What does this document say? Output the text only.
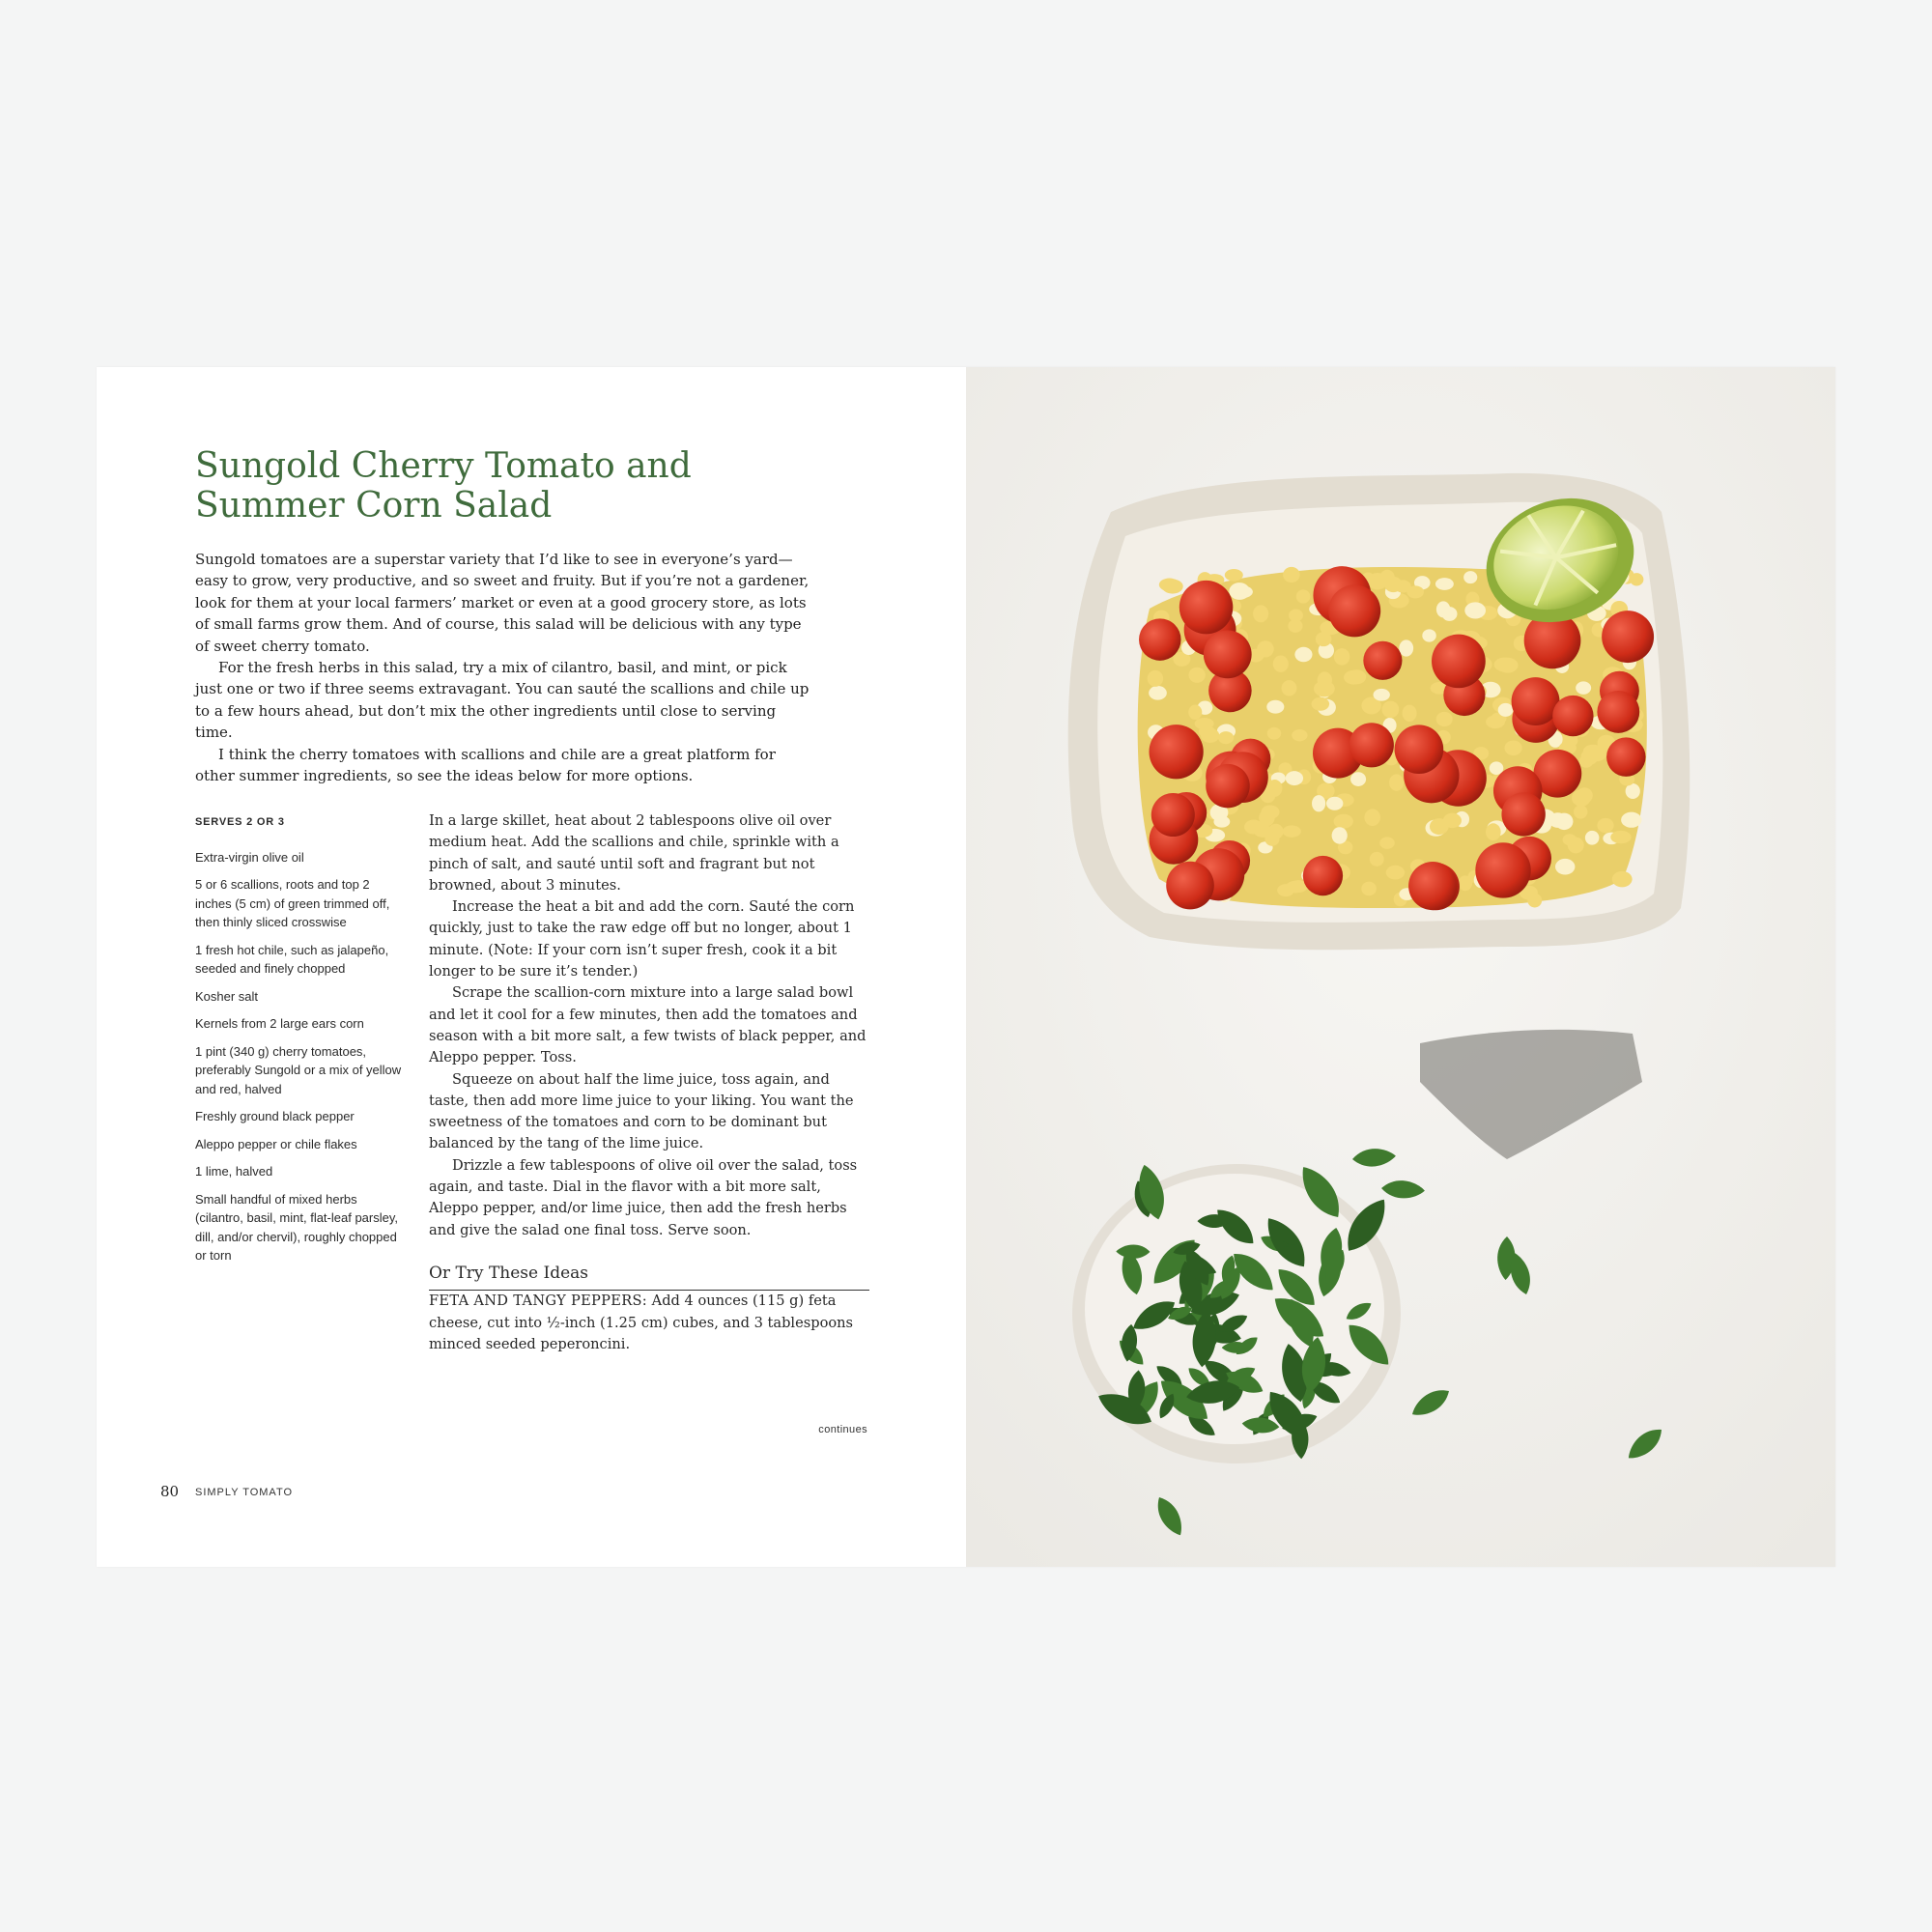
Sungold Cherry Tomato and
Summer Corn Salad

Sungold tomatoes are a superstar variety that I’d like to see in everyone’s yard—easy to grow, very productive, and so sweet and fruity. But if you’re not a gardener, look for them at your local farmers’ market or even at a good grocery store, as lots of small farms grow them. And of course, this salad will be delicious with any type of sweet cherry tomato.

For the fresh herbs in this salad, try a mix of cilantro, basil, and mint, or pick just one or two if three seems extravagant. You can sauté the scallions and chile up to a few hours ahead, but don’t mix the other ingredients until close to serving time.

I think the cherry tomatoes with scallions and chile are a great platform for other summer ingredients, so see the ideas below for more options.

SERVES 2 OR 3

Extra-virgin olive oil
5 or 6 scallions, roots and top 2 inches (5 cm) of green trimmed off, then thinly sliced crosswise
1 fresh hot chile, such as jalapeño, seeded and finely chopped
Kosher salt
Kernels from 2 large ears corn
1 pint (340 g) cherry tomatoes, preferably Sungold or a mix of yellow and red, halved
Freshly ground black pepper
Aleppo pepper or chile flakes
1 lime, halved
Small handful of mixed herbs (cilantro, basil, mint, flat-leaf parsley, dill, and/or chervil), roughly chopped or torn

In a large skillet, heat about 2 tablespoons olive oil over medium heat. Add the scallions and chile, sprinkle with a pinch of salt, and sauté until soft and fragrant but not browned, about 3 minutes.

Increase the heat a bit and add the corn. Sauté the corn quickly, just to take the raw edge off but no longer, about 1 minute. (Note: If your corn isn’t super fresh, cook it a bit longer to be sure it’s tender.)

Scrape the scallion-corn mixture into a large salad bowl and let it cool for a few minutes, then add the tomatoes and season with a bit more salt, a few twists of black pepper, and Aleppo pepper. Toss.

Squeeze on about half the lime juice, toss again, and taste, then add more lime juice to your liking. You want the sweetness of the tomatoes and corn to be dominant but balanced by the tang of the lime juice.

Drizzle a few tablespoons of olive oil over the salad, toss again, and taste. Dial in the flavor with a bit more salt, Aleppo pepper, and/or lime juice, then add the fresh herbs and give the salad one final toss. Serve soon.

Or Try These Ideas

FETA AND TANGY PEPPERS: Add 4 ounces (115 g) feta cheese, cut into ½-inch (1.25 cm) cubes, and 3 tablespoons minced seeded peperoncini.

continues
80 SIMPLY TOMATO
